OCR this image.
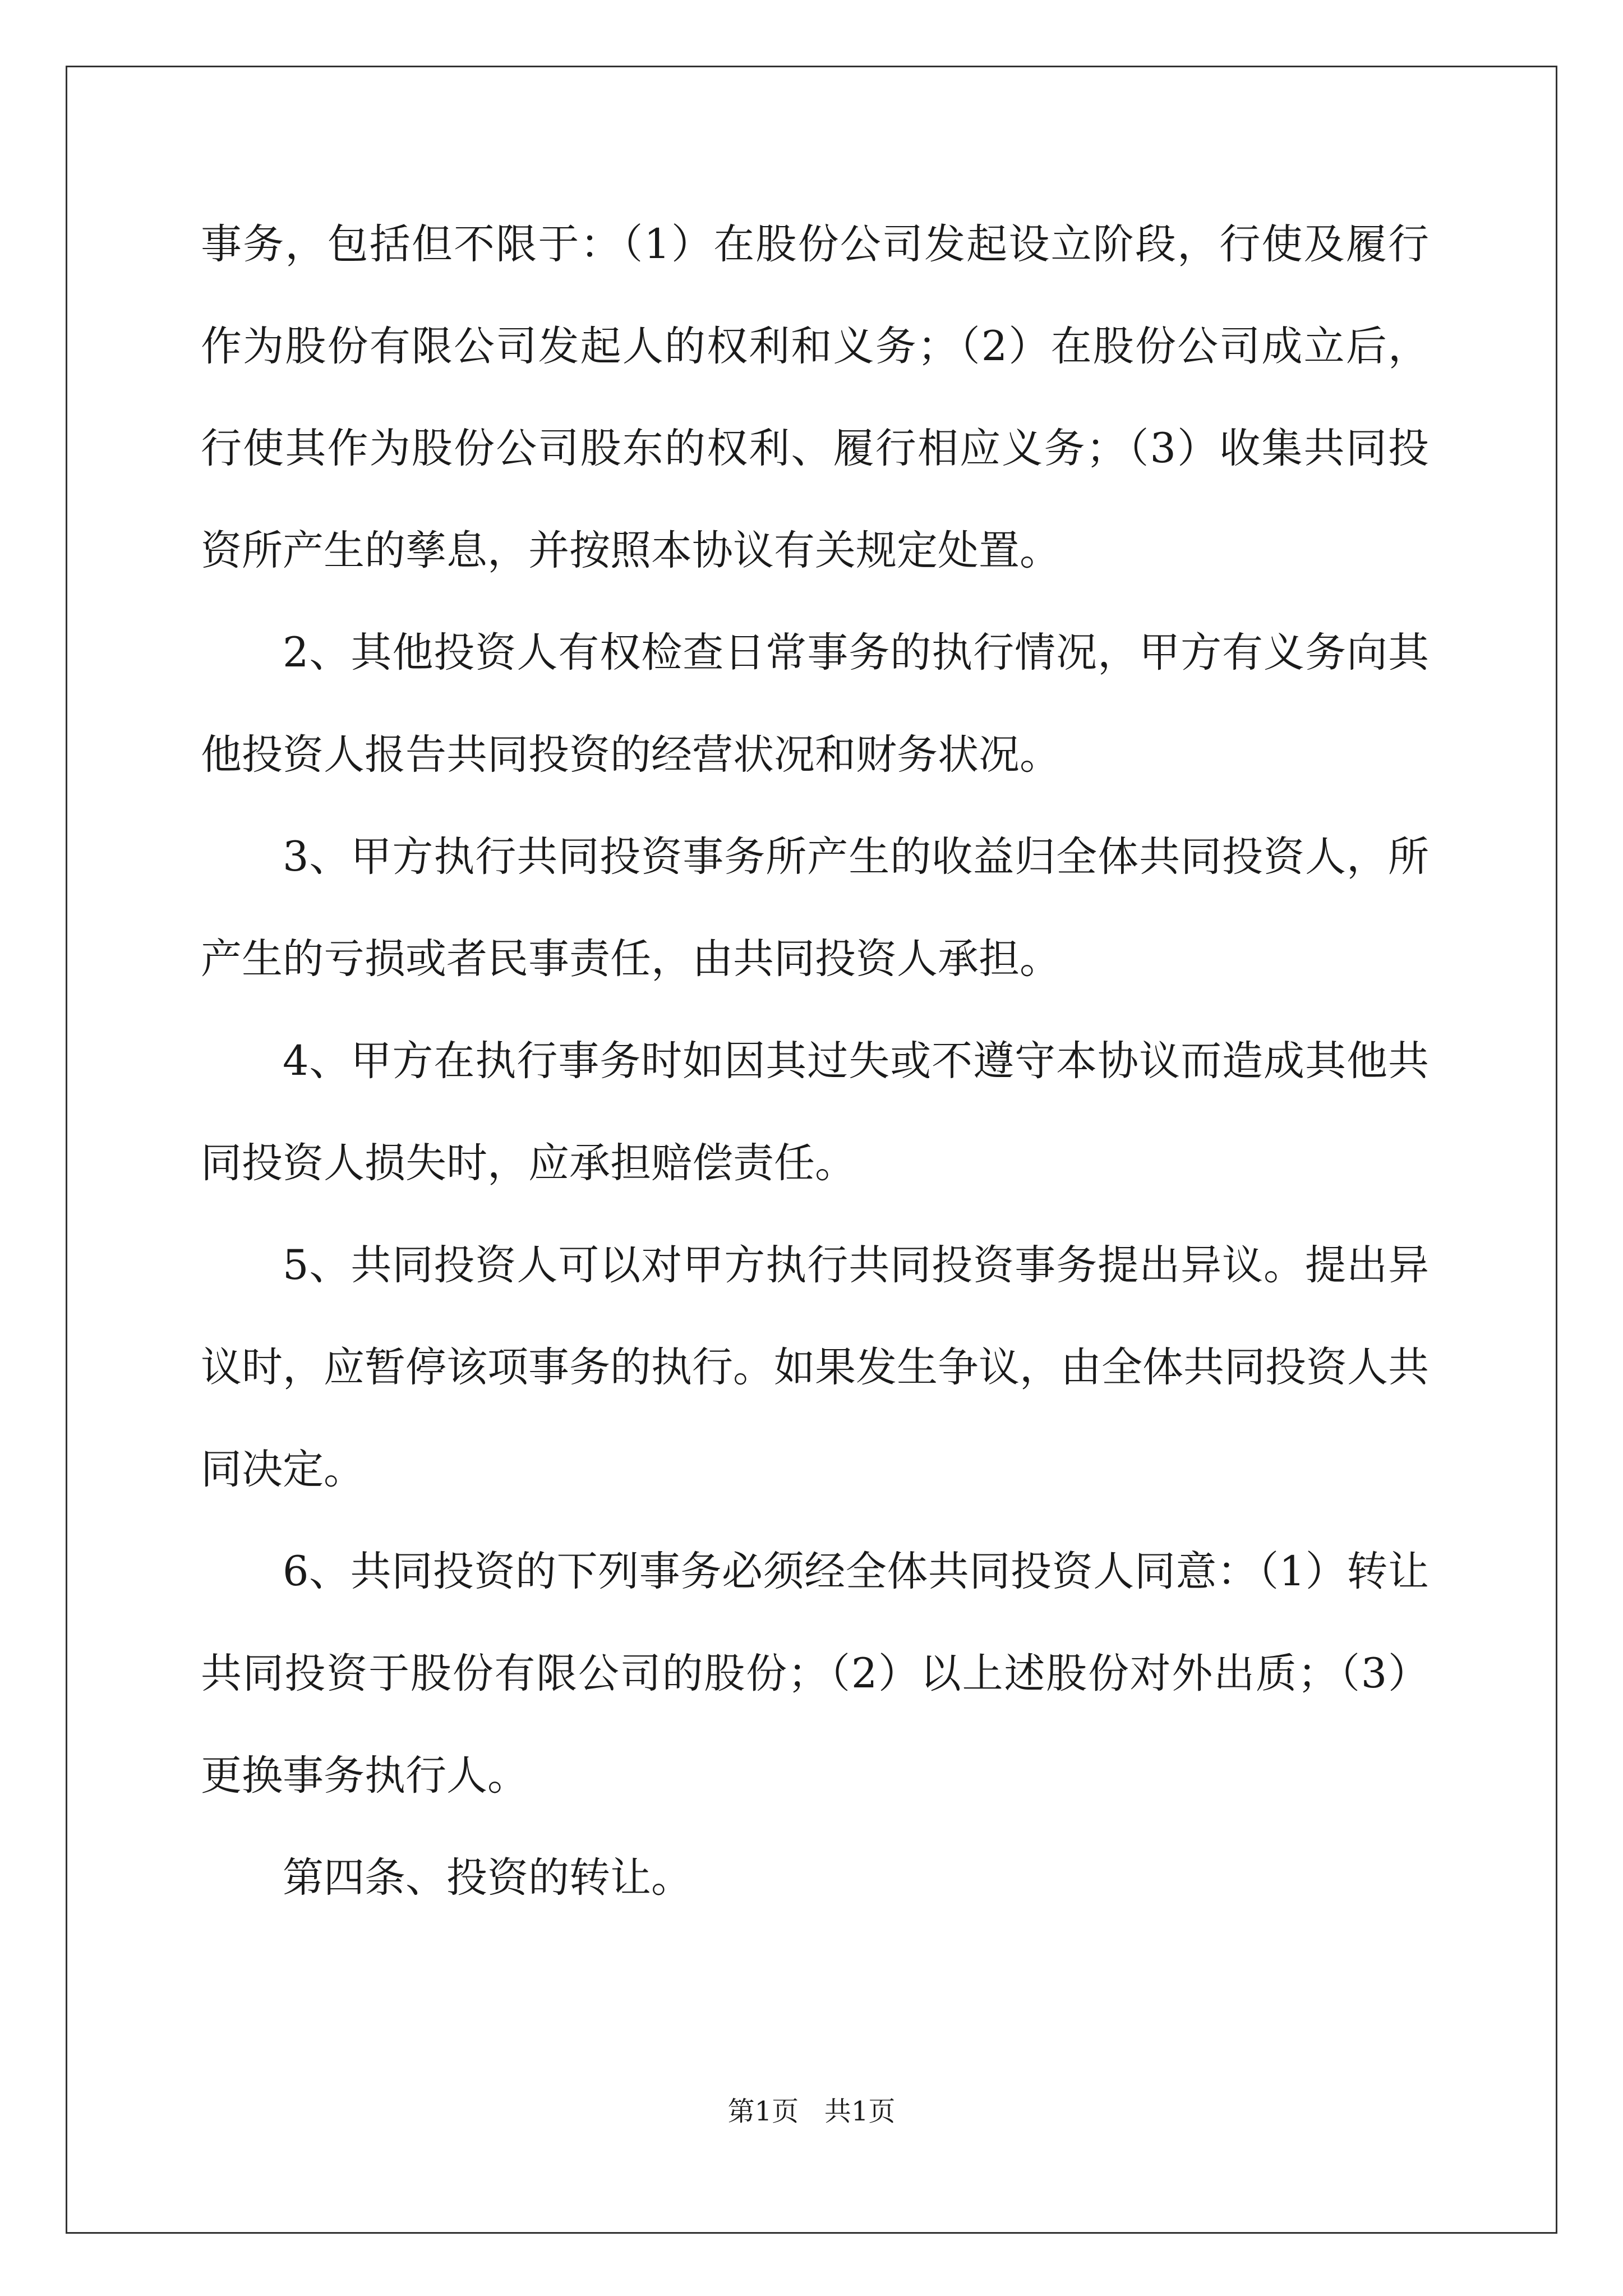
事务，包括但不限于：（1）在股份公司发起设立阶段，行使及履行作为股份有限公司发起人的权利和义务；（2）在股份公司成立后，行使其作为股份公司股东的权利、履行相应义务；（3）收集共同投资所产生的孳息，并按照本协议有关规定处置。

2、其他投资人有权检查日常事务的执行情况，甲方有义务向其他投资人报告共同投资的经营状况和财务状况。

3、甲方执行共同投资事务所产生的收益归全体共同投资人，所产生的亏损或者民事责任，由共同投资人承担。

4、甲方在执行事务时如因其过失或不遵守本协议而造成其他共同投资人损失时，应承担赔偿责任。

5、共同投资人可以对甲方执行共同投资事务提出异议。提出异议时，应暂停该项事务的执行。如果发生争议，由全体共同投资人共同决定。

6、共同投资的下列事务必须经全体共同投资人同意：（1）转让共同投资于股份有限公司的股份；（2）以上述股份对外出质；（3）更换事务执行人。

第四条、投资的转让。

第1页   共1页
